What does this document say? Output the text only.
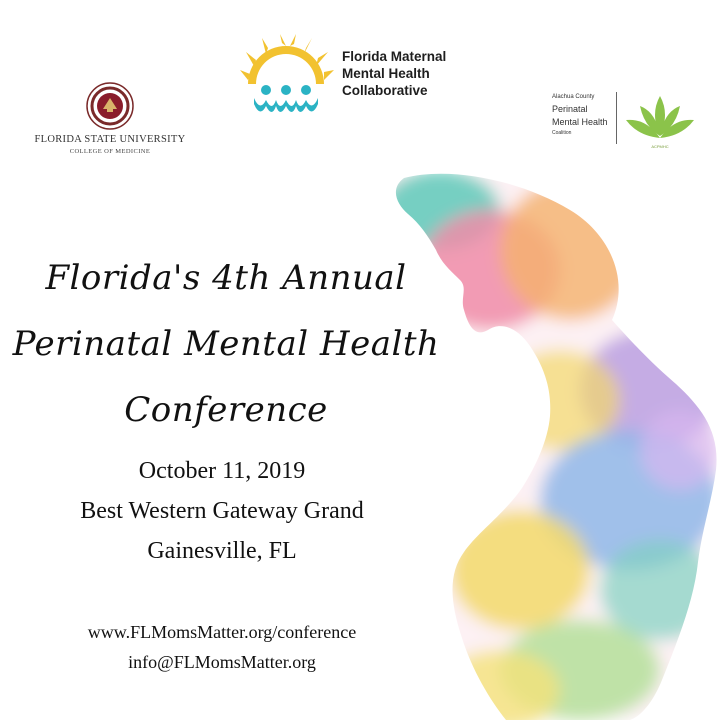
FLORIDA STATE UNIVERSITY
COLLEGE OF MEDICINE
Florida Maternal
Mental Health
Collaborative	Alachua County
Perinatal
Mental Health
Coalition
ACPMHC
Florida's 4th Annual
Perinatal Mental Health
Conference
October 11, 2019
Best Western Gateway Grand
Gainesville, FL
www.FLMomsMatter.org/conference
info@FLMomsMatter.org
